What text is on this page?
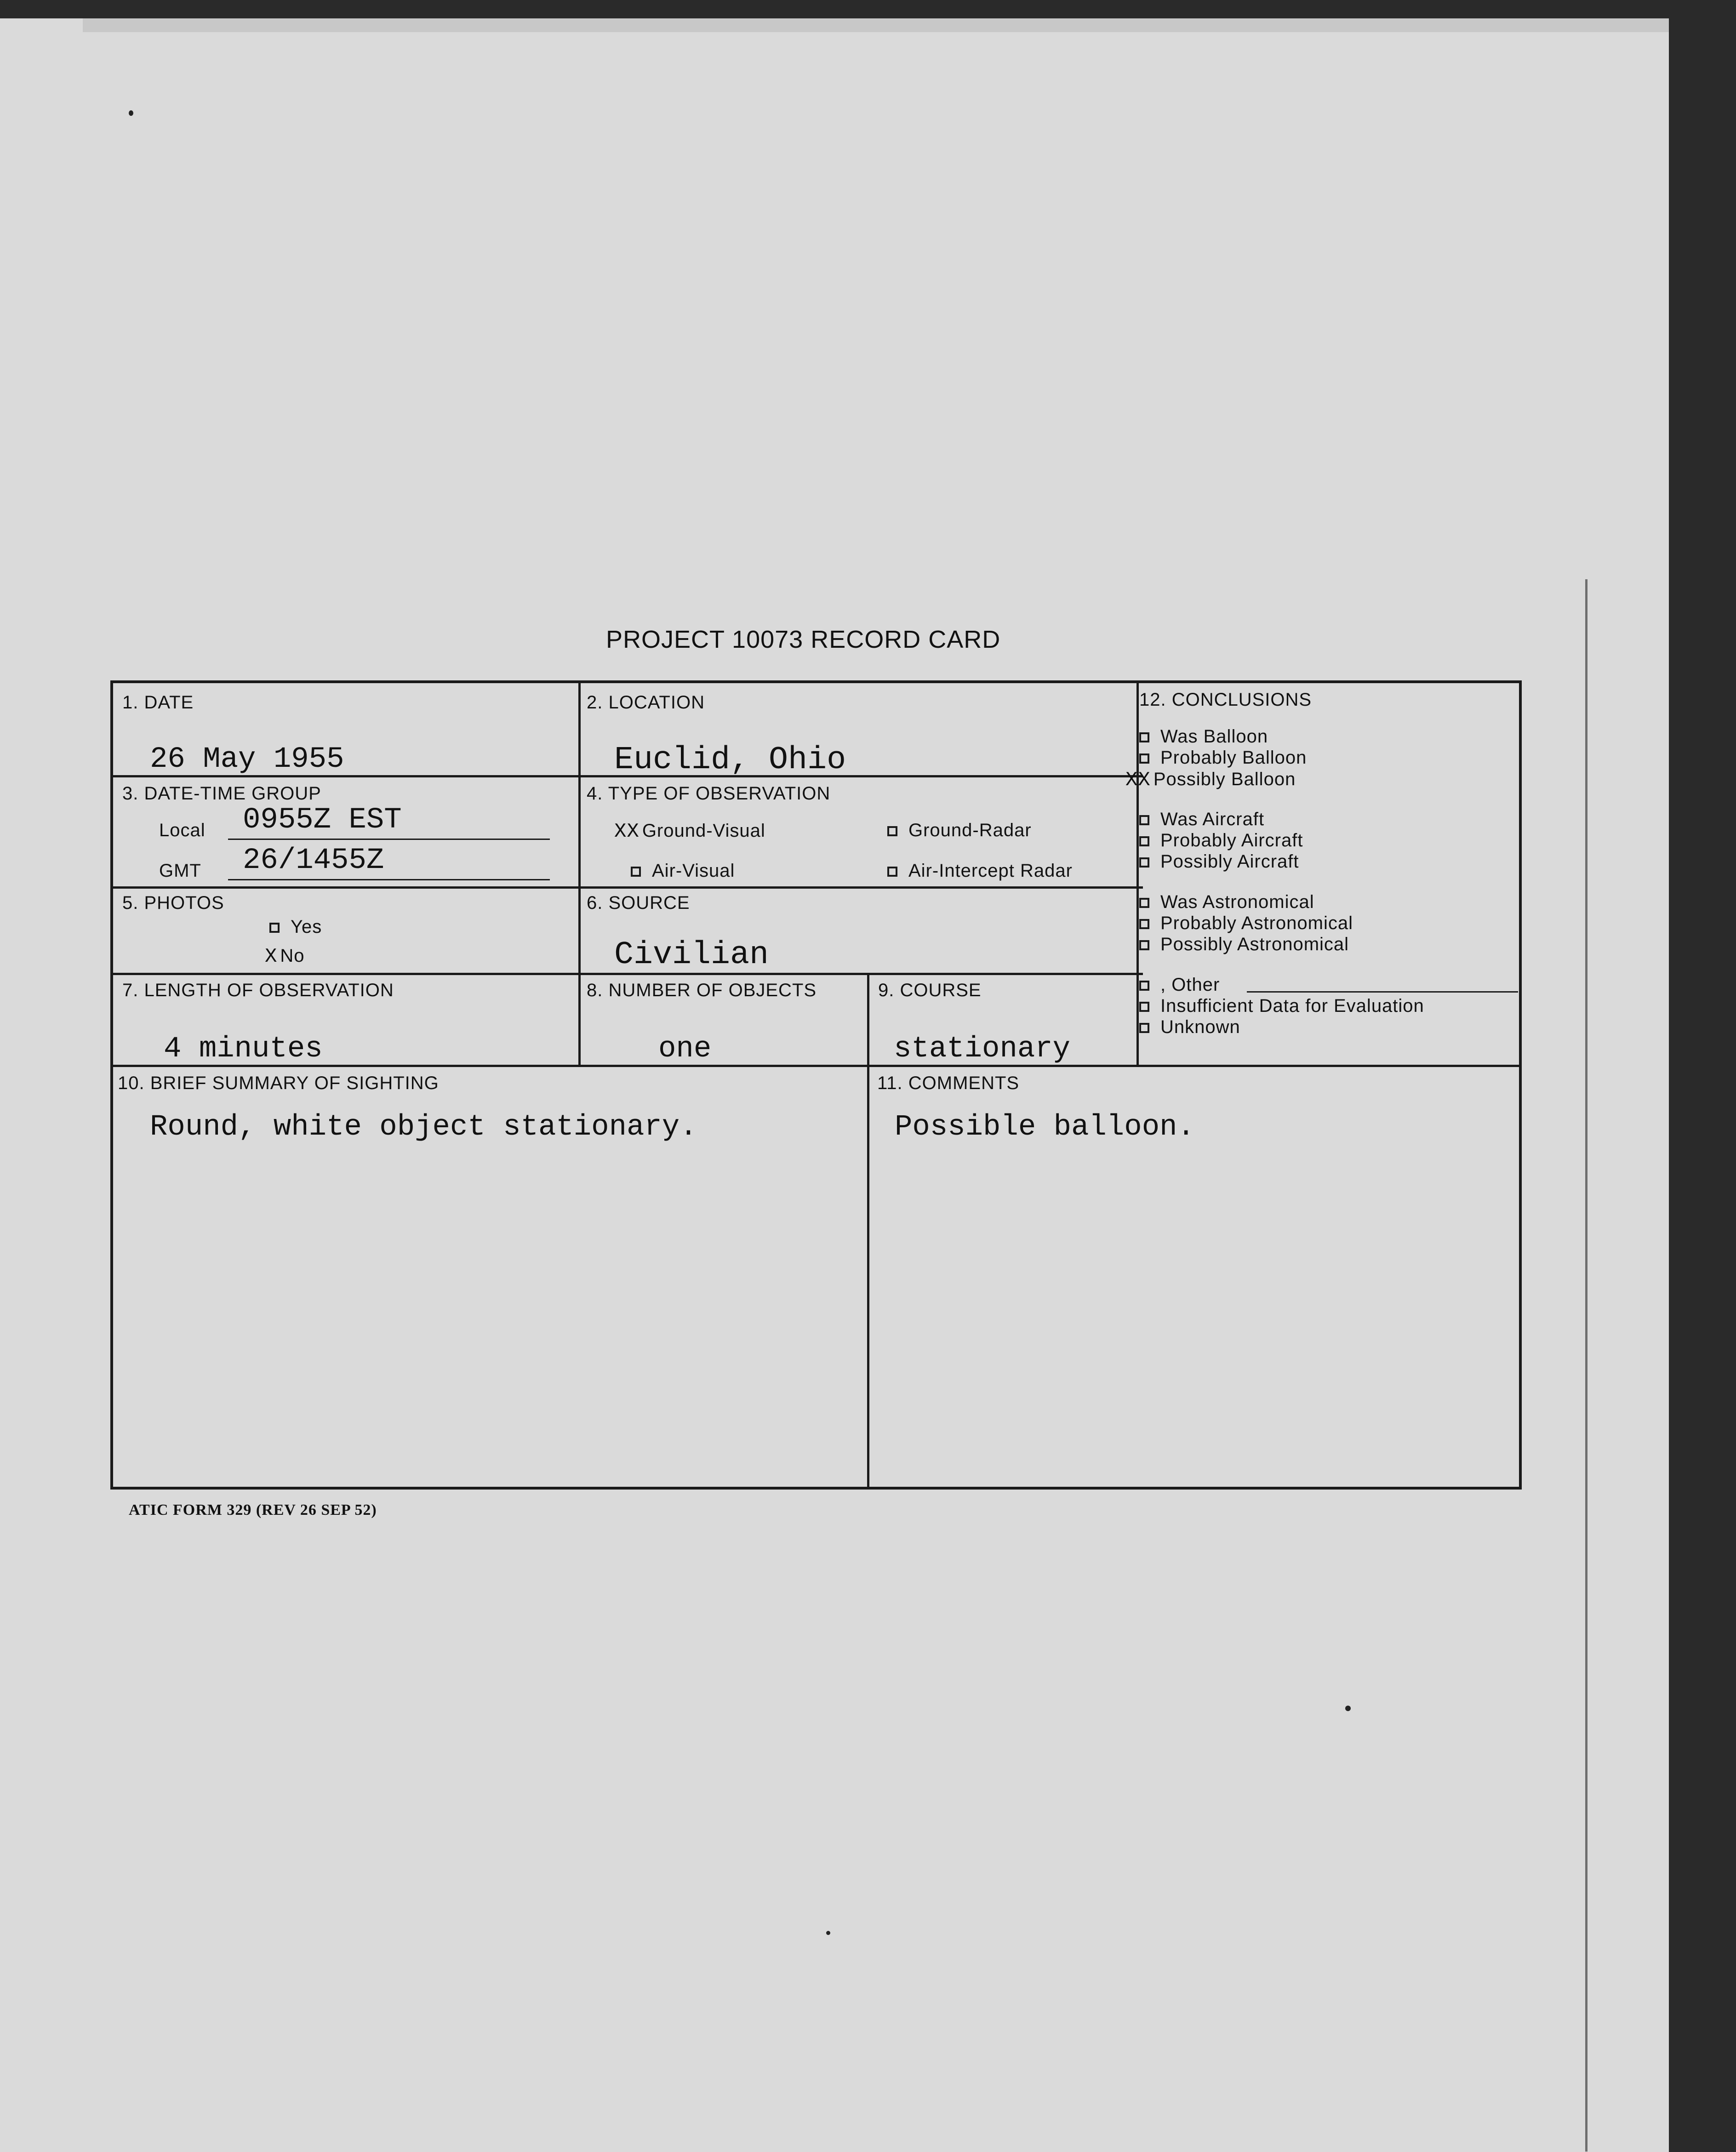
PROJECT 10073 RECORD CARD
1. DATE
26 May 1955
2. LOCATION
Euclid, Ohio
3. DATE-TIME GROUP
Local 0955Z EST
GMT 26/1455Z
4. TYPE OF OBSERVATION
XX Ground-Visual	Ground-Radar
Air-Visual	Air-Intercept Radar
5. PHOTOS
Yes
X No
6. SOURCE
Civilian
7. LENGTH OF OBSERVATION
4 minutes
8. NUMBER OF OBJECTS
one
9. COURSE
stationary
10. BRIEF SUMMARY OF SIGHTING
Round, white object stationary.
11. COMMENTS
Possible balloon.
12. CONCLUSIONS
Was Balloon
Probably Balloon
XX Possibly Balloon
Was Aircraft
Probably Aircraft
Possibly Aircraft
Was Astronomical
Probably Astronomical
Possibly Astronomical
, Other
Insufficient Data for Evaluation
Unknown
ATIC FORM 329 (REV 26 SEP 52)
